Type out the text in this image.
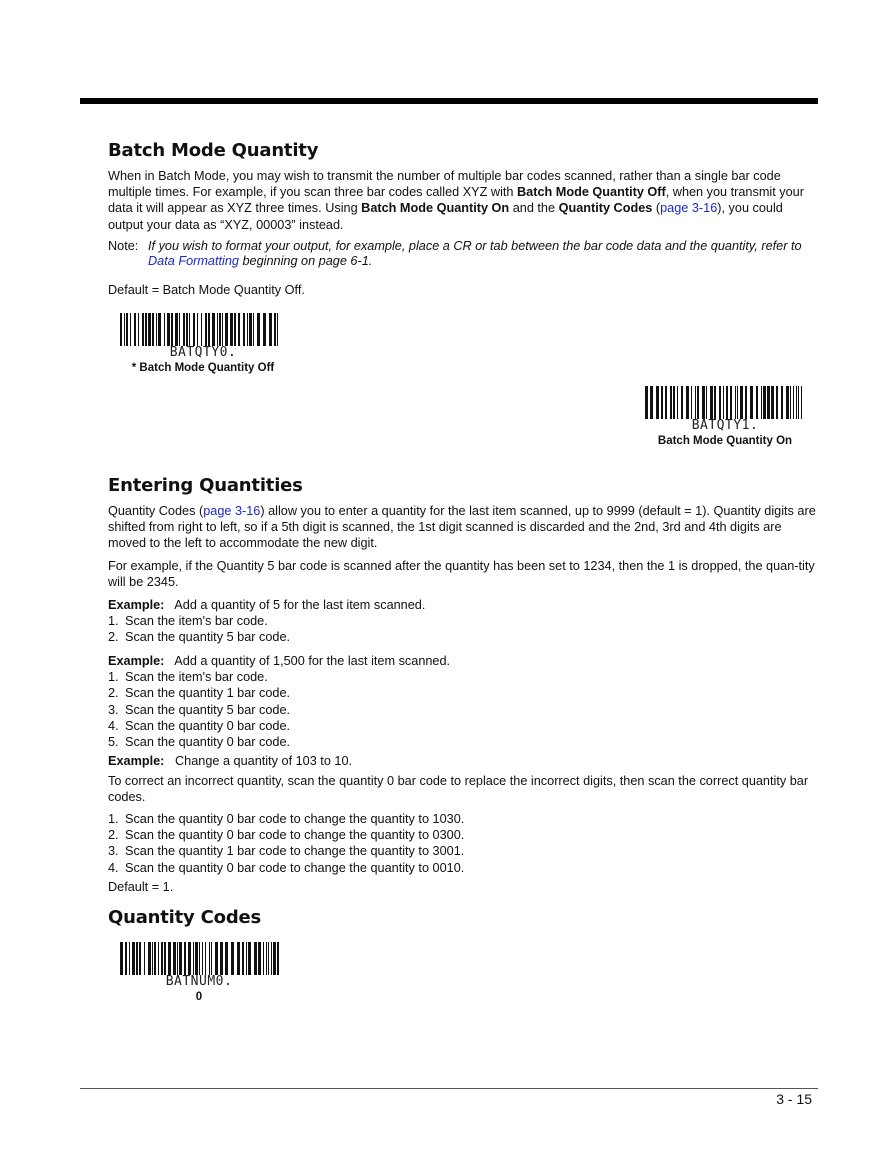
Batch Mode Quantity

When in Batch Mode, you may wish to transmit the number of multiple bar codes scanned, rather than a single bar code multiple times. For example, if you scan three bar codes called XYZ with Batch Mode Quantity Off, when you transmit your data it will appear as XYZ three times. Using Batch Mode Quantity On and the Quantity Codes (page 3-16), you could output your data as “XYZ, 00003” instead.

Note: If you wish to format your output, for example, place a CR or tab between the bar code data and the quantity, refer to Data Formatting beginning on page 6-1.

Default = Batch Mode Quantity Off.

Entering Quantities

Quantity Codes (page 3-16) allow you to enter a quantity for the last item scanned, up to 9999 (default = 1). Quantity digits are shifted from right to left, so if a 5th digit is scanned, the 1st digit scanned is discarded and the 2nd, 3rd and 4th digits are moved to the left to accommodate the new digit.

For example, if the Quantity 5 bar code is scanned after the quantity has been set to 1234, then the 1 is dropped, the quan-tity will be 2345.

Example: Add a quantity of 5 for the last item scanned.

1. Scan the item's bar code.
2. Scan the quantity 5 bar code.

Example: Add a quantity of 1,500 for the last item scanned.

1. Scan the item's bar code.
2. Scan the quantity 1 bar code.
3. Scan the quantity 5 bar code.
4. Scan the quantity 0 bar code.
5. Scan the quantity 0 bar code.

Example: Change a quantity of 103 to 10.

To correct an incorrect quantity, scan the quantity 0 bar code to replace the incorrect digits, then scan the correct quantity bar codes.

1. Scan the quantity 0 bar code to change the quantity to 1030.
2. Scan the quantity 0 bar code to change the quantity to 0300.
3. Scan the quantity 1 bar code to change the quantity to 3001.
4. Scan the quantity 0 bar code to change the quantity to 0010.

Default = 1.

Quantity Codes
BATQTY0.
* Batch Mode Quantity Off
BATQTY1.
Batch Mode Quantity On
BATNUM0.
0
3 - 15
